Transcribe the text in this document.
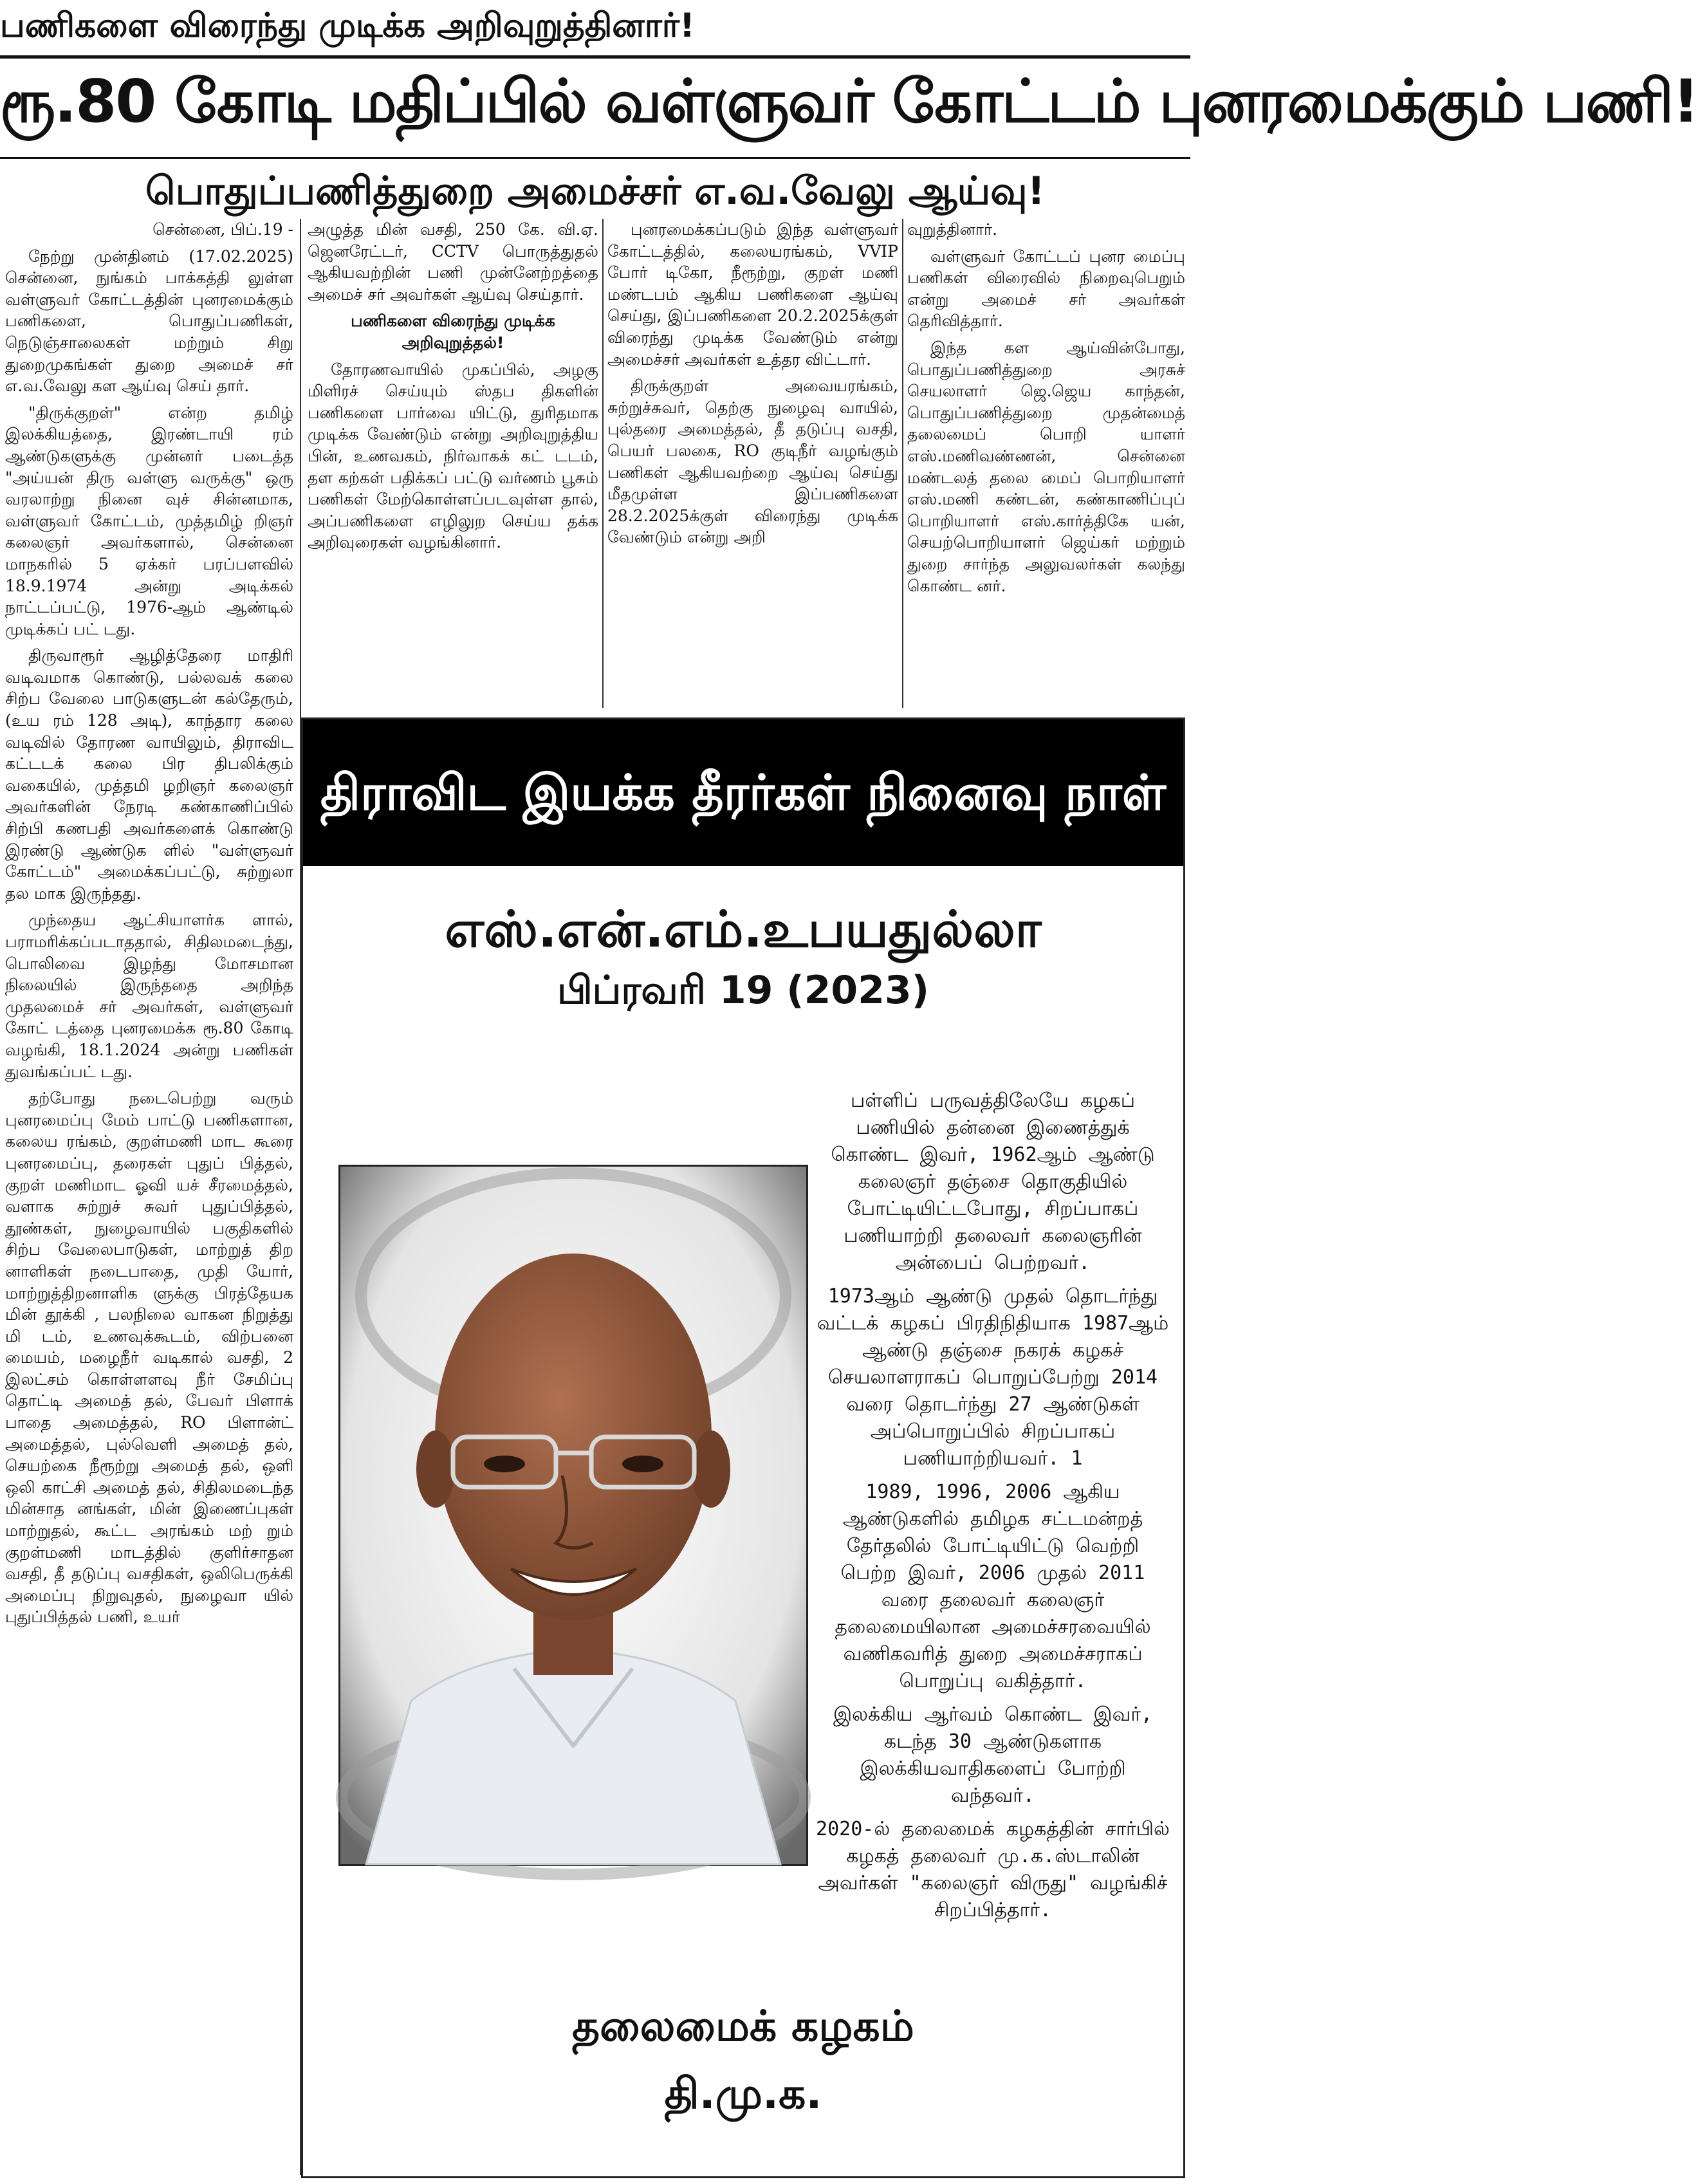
பணிகளை விரைந்து முடிக்க அறிவுறுத்தினார்!
ரூ.80 கோடி மதிப்பில் வள்ளுவர் கோட்டம் புனரமைக்கும் பணி!
பொதுப்பணித்துறை அமைச்சர் எ.வ.வேலு ஆய்வு!

சென்னை, பிப்.19 -

நேற்று முன்தினம் (17.02.2025) சென்னை, நுங்கம் பாக்கத்தி லுள்ள வள்ளுவர் கோட்டத்தின் புனரமைக்கும் பணிகளை, பொதுப்பணிகள், நெடுஞ்சாலைகள் மற்றும் சிறு துறைமுகங்கள் துறை அமைச் சர் எ.வ.வேலு கள ஆய்வு செய் தார்.

"திருக்குறள்" என்ற தமிழ் இலக்கியத்தை, இரண்டாயி ரம் ஆண்டுகளுக்கு முன்னர் படைத்த "அய்யன் திரு வள்ளு வருக்கு" ஒரு வரலாற்று நினை வுச் சின்னமாக, வள்ளுவர் கோட்டம், முத்தமிழ் றிஞர் கலைஞர் அவர்களால், சென்னை மாநகரில் 5 ஏக்கர் பரப்பளவில் 18.9.1974 அன்று அடிக்கல் நாட்டப்பட்டு, 1976-ஆம் ஆண்டில் முடிக்கப் பட் டது.

திருவாரூர் ஆழித்தேரை மாதிரி வடிவமாக கொண்டு, பல்லவக் கலை சிற்ப வேலை பாடுகளுடன் கல்தேரும், (உய ரம் 128 அடி), காந்தார கலை வடிவில் தோரண வாயிலும், திராவிட கட்டடக் கலை பிர திபலிக்கும் வகையில், முத்தமி ழறிஞர் கலைஞர் அவர்களின் நேரடி கண்காணிப்பில் சிற்பி கணபதி அவர்களைக் கொண்டு இரண்டு ஆண்டுக ளில் "வள்ளுவர் கோட்டம்" அமைக்கப்பட்டு, சுற்றுலா தல மாக இருந்தது.

முந்தைய ஆட்சியாளர்க ளால், பராமரிக்கப்படாததால், சிதிலமடைந்து, பொலிவை இழந்து மோசமான நிலையில் இருந்ததை அறிந்த முதலமைச் சர் அவர்கள், வள்ளுவர் கோட் டத்தை புனரமைக்க ரூ.80 கோடி வழங்கி, 18.1.2024 அன்று பணிகள் துவங்கப்பட் டது.

தற்போது நடைபெற்று வரும் புனரமைப்பு மேம் பாட்டு பணிகளான, கலைய ரங்கம், குறள்மணி மாட கூரை புனரமைப்பு, தரைகள் புதுப் பித்தல், குறள் மணிமாட ஓவி யச் சீரமைத்தல், வளாக சுற்றுச் சுவர் புதுப்பித்தல், தூண்கள், நுழைவாயில் பகுதிகளில் சிற்ப வேலைபாடுகள், மாற்றுத் திற னாளிகள் நடைபாதை, முதி யோர், மாற்றுத்திறனாளிக ளுக்கு பிரத்தேயக மின் தூக்கி , பலநிலை வாகன நிறுத்து மி டம், உணவுக்கூடம், விற்பனை மையம், மழைநீர் வடிகால் வசதி, 2 இலட்சம் கொள்ளளவு நீர் சேமிப்பு தொட்டி அமைத் தல், பேவர் பிளாக் பாதை அமைத்தல், RO பிளான்ட் அமைத்தல், புல்வெளி அமைத் தல், செயற்கை நீரூற்று அமைத் தல், ஒளி ஒலி காட்சி அமைத் தல், சிதிலமடைந்த மின்சாத னங்கள், மின் இணைப்புகள் மாற்றுதல், கூட்ட அரங்கம் மற் றும் குறள்மணி மாடத்தில் குளிர்சாதன வசதி, தீ தடுப்பு வசதிகள், ஒலிபெருக்கி அமைப்பு நிறுவுதல், நுழைவா யில் புதுப்பித்தல் பணி, உயர்

அழுத்த மின் வசதி, 250 கே. வி.ஏ. ஜெனரேட்டர், CCTV பொருத்துதல் ஆகியவற்றின் பணி முன்னேற்றத்தை அமைச் சர் அவர்கள் ஆய்வு செய்தார்.

பணிகளை விரைந்து முடிக்க அறிவுறுத்தல்!

தோரணவாயில் முகப்பில், அழகு மிளிரச் செய்யும் ஸ்தப திகளின் பணிகளை பார்வை யிட்டு, துரிதமாக முடிக்க வேண்டும் என்று அறிவுறுத்திய பின், உணவகம், நிர்வாகக் கட் டடம், தள கற்கள் பதிக்கப் பட்டு வர்ணம் பூசும் பணிகள் மேற்கொள்ளப்படவுள்ள தால், அப்பணிகளை எழிலுற செய்ய தக்க அறிவுரைகள் வழங்கினார்.

புனரமைக்கப்படும் இந்த வள்ளுவர் கோட்டத்தில், கலையரங்கம், VVIP போர் டிகோ, நீரூற்று, குறள் மணி மண்டபம் ஆகிய பணிகளை ஆய்வு செய்து, இப்பணிகளை 20.2.2025க்குள் விரைந்து முடிக்க வேண்டும் என்று அமைச்சர் அவர்கள் உத்தர விட்டார்.

திருக்குறள் அவையரங்கம், சுற்றுச்சுவர், தெற்கு நுழைவு வாயில், புல்தரை அமைத்தல், தீ தடுப்பு வசதி, பெயர் பலகை, RO குடிநீர் வழங்கும் பணிகள் ஆகியவற்றை ஆய்வு செய்து மீதமுள்ள இப்பணிகளை 28.2.2025க்குள் விரைந்து முடிக்க வேண்டும் என்று அறி

வுறுத்தினார்.

வள்ளுவர் கோட்டப் புனர மைப்பு பணிகள் விரைவில் நிறைவுபெறும் என்று அமைச் சர் அவர்கள் தெரிவித்தார்.

இந்த கள ஆய்வின்போது, பொதுப்பணித்துறை அரசுச் செயலாளர் ஜெ.ஜெய காந்தன், பொதுப்பணித்துறை முதன்மைத் தலைமைப் பொறி யாளர் எஸ்.மணிவண்ணன், சென்னை மண்டலத் தலை மைப் பொறியாளர் எஸ்.மணி கண்டன், கண்காணிப்புப் பொறியாளர் எஸ்.கார்த்திகே யன், செயற்பொறியாளர் ஜெய்கர் மற்றும் துறை சார்ந்த அலுவலர்கள் கலந்து கொண்ட னர்.

திராவிட இயக்க தீரர்கள் நினைவு நாள்
எஸ்.என்.எம்.உபயதுல்லா
பிப்ரவரி 19 (2023)

பள்ளிப் பருவத்திலேயே கழகப் பணியில் தன்னை இணைத்துக் கொண்ட இவர், 1962ஆம் ஆண்டு கலைஞர் தஞ்சை தொகுதியில் போட்டியிட்டபோது, சிறப்பாகப் பணியாற்றி தலைவர் கலைஞரின் அன்பைப் பெற்றவர்.

1973ஆம் ஆண்டு முதல் தொடர்ந்து வட்டக் கழகப் பிரதிநிதியாக 1987ஆம் ஆண்டு தஞ்சை நகரக் கழகச் செயலாளராகப் பொறுப்பேற்று 2014 வரை தொடர்ந்து 27 ஆண்டுகள் அப்பொறுப்பில் சிறப்பாகப் பணியாற்றியவர். 1

1989, 1996, 2006 ஆகிய ஆண்டுகளில் தமிழக சட்டமன்றத் தேர்தலில் போட்டியிட்டு வெற்றி பெற்ற இவர், 2006 முதல் 2011 வரை தலைவர் கலைஞர் தலைமையிலான அமைச்சரவையில் வணிகவரித் துறை அமைச்சராகப் பொறுப்பு வகித்தார்.

இலக்கிய ஆர்வம் கொண்ட இவர், கடந்த 30 ஆண்டுகளாக இலக்கியவாதிகளைப் போற்றி வந்தவர்.

2020-ல் தலைமைக் கழகத்தின் சார்பில் கழகத் தலைவர் மு.க.ஸ்டாலின் அவர்கள் "கலைஞர் விருது" வழங்கிச் சிறப்பித்தார்.

தலைமைக் கழகம்
தி.மு.க.
